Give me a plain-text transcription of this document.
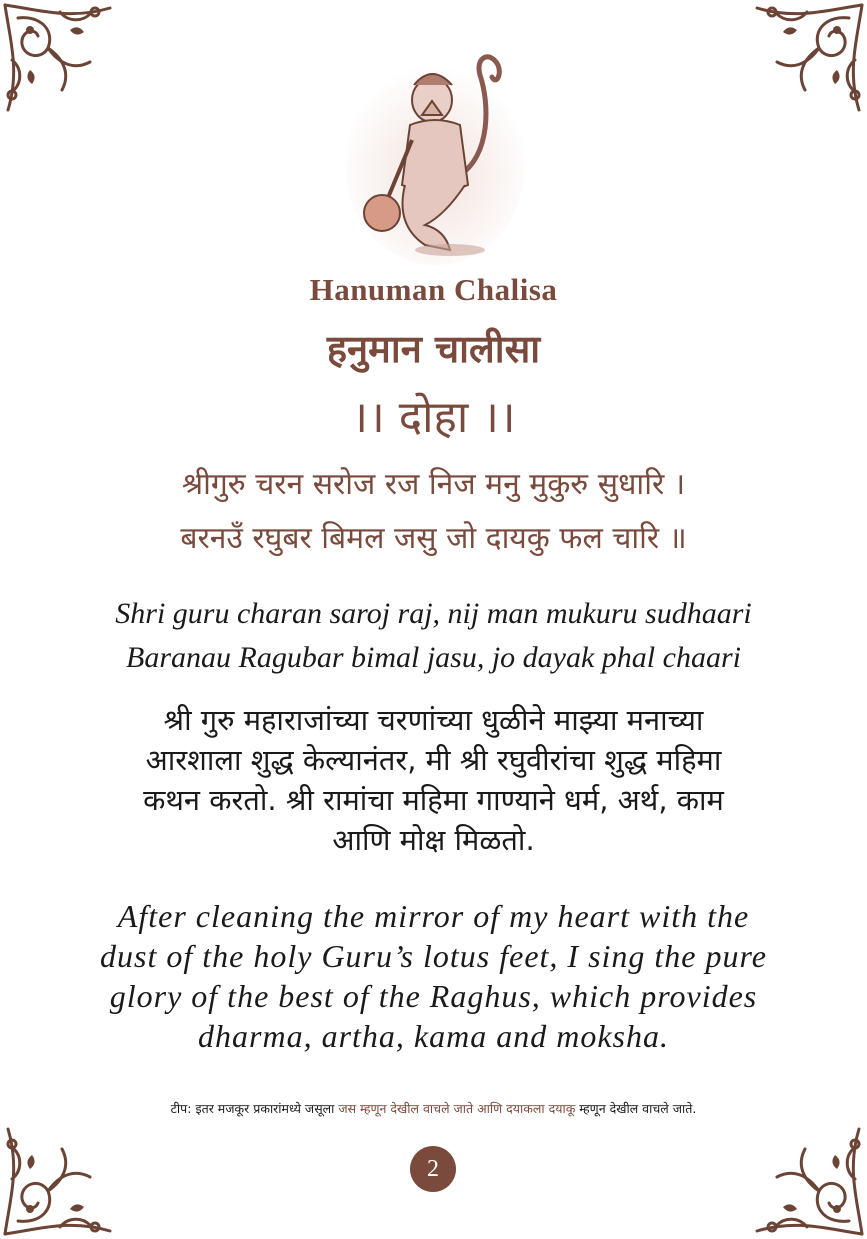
Hanuman Chalisa
हनुमान चालीसा
।। दोहा ।।
श्रीगुरु चरन सरोज रज निज मनु मुकुरु सुधारि ।
बरनउँ रघुबर बिमल जसु जो दायकु फल चारि ॥
Shri guru charan saroj raj, nij man mukuru sudhaari
Baranau Ragubar bimal jasu, jo dayak phal chaari
श्री गुरु महाराजांच्या चरणांच्या धुळीने माझ्या मनाच्या
आरशाला शुद्ध केल्यानंतर, मी श्री रघुवीरांचा शुद्ध महिमा
कथन करतो. श्री रामांचा महिमा गाण्याने धर्म, अर्थ, काम
आणि मोक्ष मिळतो.
After cleaning the mirror of my heart with the
dust of the holy Guru’s lotus feet, I sing the pure
glory of the best of the Raghus, which provides
dharma, artha, kama and moksha.
टीप: इतर मजकूर प्रकारांमध्ये जसूला जस म्हणून देखील वाचले जाते आणि दयाकला दयाकू म्हणून देखील वाचले जाते.
2
